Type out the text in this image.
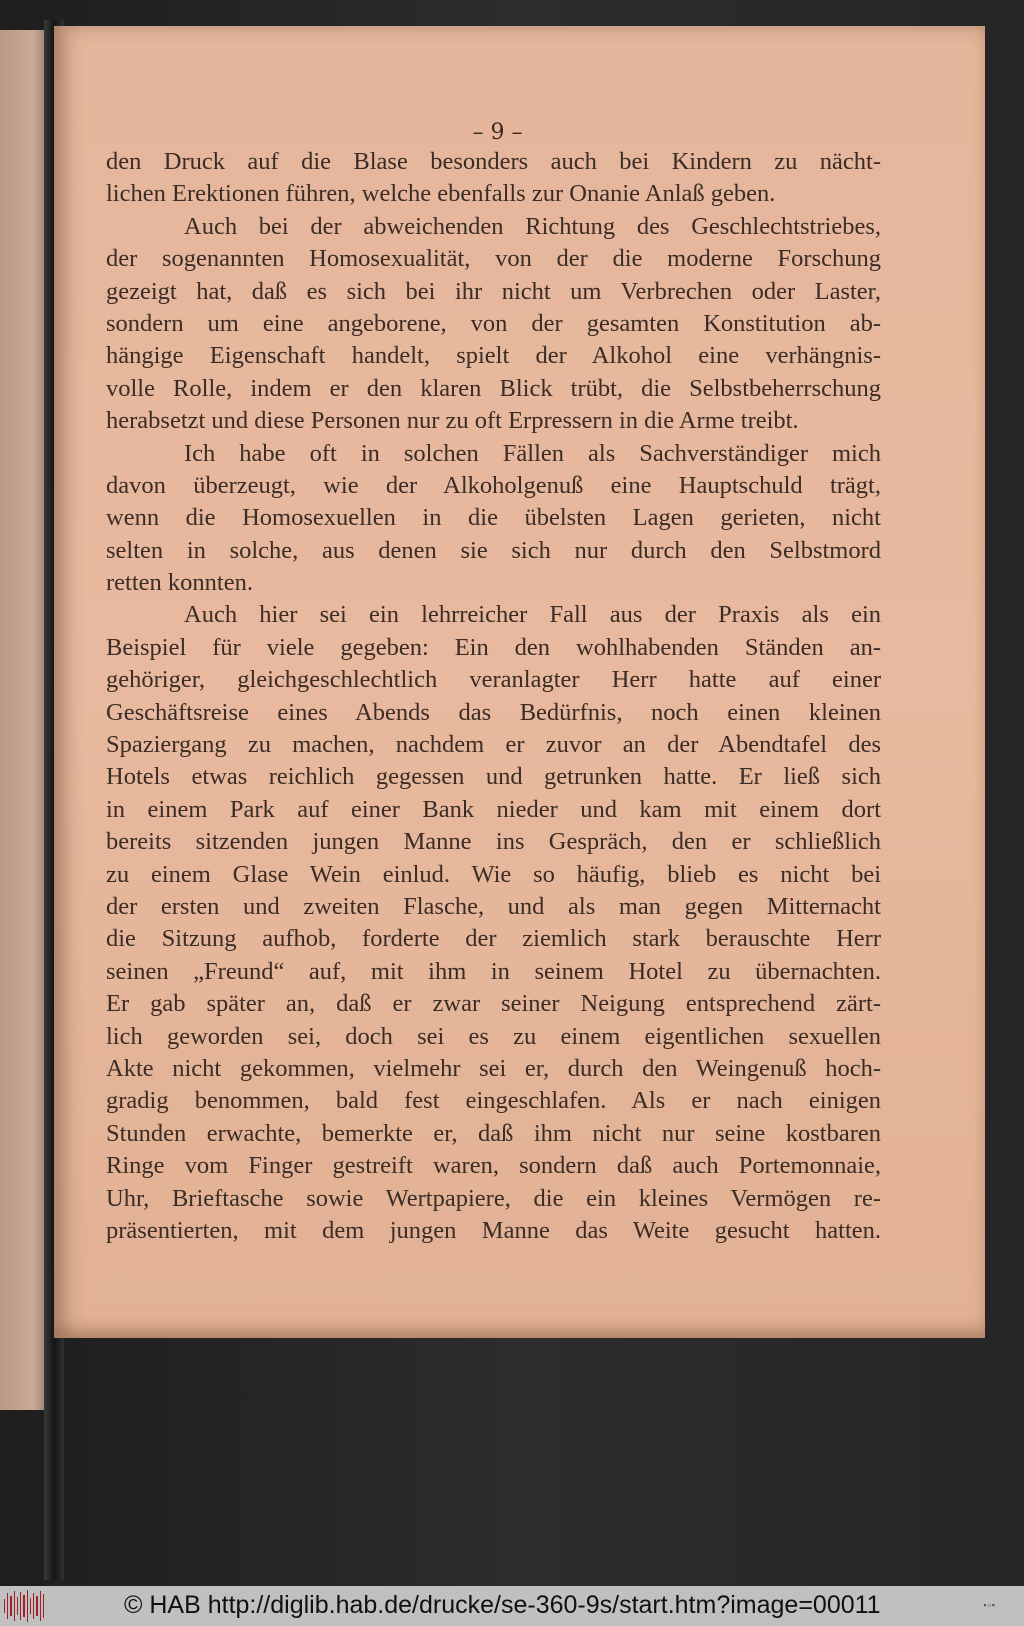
– 9 –
den Druck auf die Blase besonders auch bei Kindern zu nächt-
lichen Erektionen führen, welche ebenfalls zur Onanie Anlaß geben.
Auch bei der abweichenden Richtung des Geschlechtstriebes,
der sogenannten Homosexualität, von der die moderne Forschung
gezeigt hat, daß es sich bei ihr nicht um Verbrechen oder Laster,
sondern um eine angeborene, von der gesamten Konstitution ab-
hängige Eigenschaft handelt, spielt der Alkohol eine verhängnis-
volle Rolle, indem er den klaren Blick trübt, die Selbstbeherrschung
herabsetzt und diese Personen nur zu oft Erpressern in die Arme treibt.
Ich habe oft in solchen Fällen als Sachverständiger mich
davon überzeugt, wie der Alkoholgenuß eine Hauptschuld trägt,
wenn die Homosexuellen in die übelsten Lagen gerieten, nicht
selten in solche, aus denen sie sich nur durch den Selbstmord
retten konnten.
Auch hier sei ein lehrreicher Fall aus der Praxis als ein
Beispiel für viele gegeben: Ein den wohlhabenden Ständen an-
gehöriger, gleichgeschlechtlich veranlagter Herr hatte auf einer
Geschäftsreise eines Abends das Bedürfnis, noch einen kleinen
Spaziergang zu machen, nachdem er zuvor an der Abendtafel des
Hotels etwas reichlich gegessen und getrunken hatte. Er ließ sich
in einem Park auf einer Bank nieder und kam mit einem dort
bereits sitzenden jungen Manne ins Gespräch, den er schließlich
zu einem Glase Wein einlud. Wie so häufig, blieb es nicht bei
der ersten und zweiten Flasche, und als man gegen Mitternacht
die Sitzung aufhob, forderte der ziemlich stark berauschte Herr
seinen „Freund“ auf, mit ihm in seinem Hotel zu übernachten.
Er gab später an, daß er zwar seiner Neigung entsprechend zärt-
lich geworden sei, doch sei es zu einem eigentlichen sexuellen
Akte nicht gekommen, vielmehr sei er, durch den Weingenuß hoch-
gradig benommen, bald fest eingeschlafen. Als er nach einigen
Stunden erwachte, bemerkte er, daß ihm nicht nur seine kostbaren
Ringe vom Finger gestreift waren, sondern daß auch Portemonnaie,
Uhr, Brieftasche sowie Wertpapiere, die ein kleines Vermögen re-
präsentierten, mit dem jungen Manne das Weite gesucht hatten.
© HAB http://diglib.hab.de/drucke/se-360-9s/start.htm?image=00011	▪▫▪
